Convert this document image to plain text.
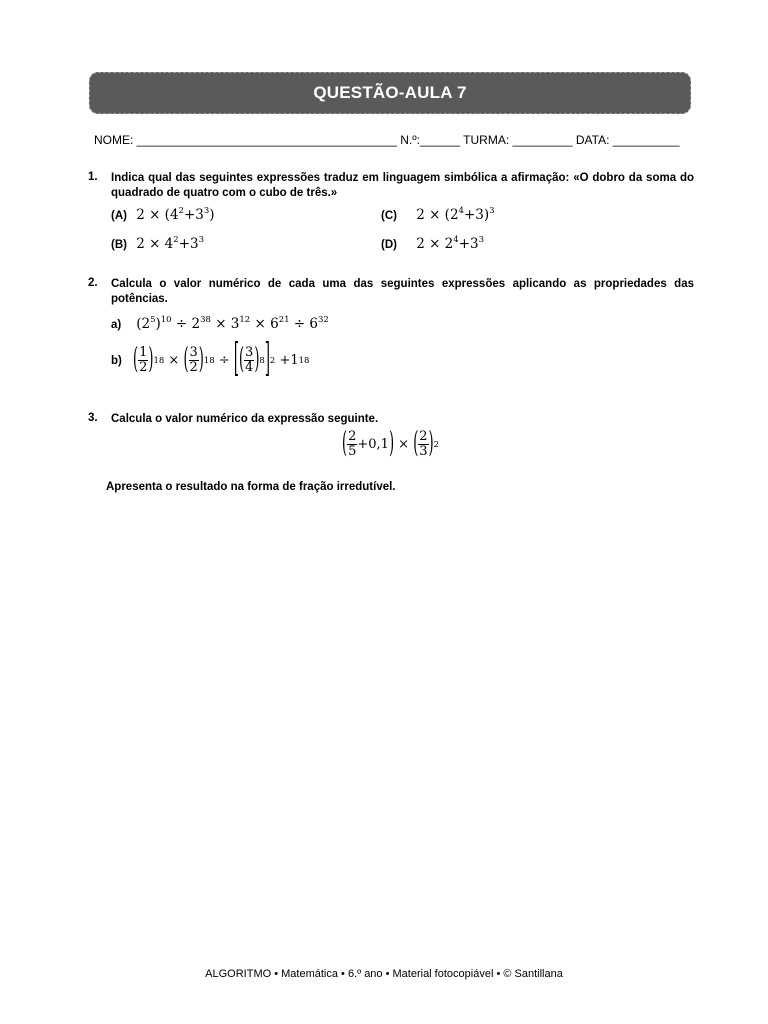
QUESTÃO-AULA 7
NOME: _______________________________________ N.º:______ TURMA: _________ DATA: __________
1. Indica qual das seguintes expressões traduz em linguagem simbólica a afirmação: «O dobro da soma do quadrado de quatro com o cubo de três.»
(A) $2 \times (4^2+3^3)$	(C) $2 \times (2^4+3)^3$
(B) $2 \times 4^2+3^3$	(D) $2 \times 2^4+3^3$
2. Calcula o valor numérico de cada uma das seguintes expressões aplicando as propriedades das potências.
a) $(2^5)^{10} \div 2^{38} \times 3^{12} \times 6^{21} \div 6^{32}$
b) ( 1
2 ) 18 × ( 3
2 ) 18 ÷ [ ( 3
4 ) 8 ] 2 +1 18
3. Calcula o valor numérico da expressão seguinte.
( 2
5 +0,1 ) × ( 2
3 ) 2
Apresenta o resultado na forma de fração irredutível.
ALGORITMO • Matemática • 6.º ano • Material fotocopiável • © Santillana
